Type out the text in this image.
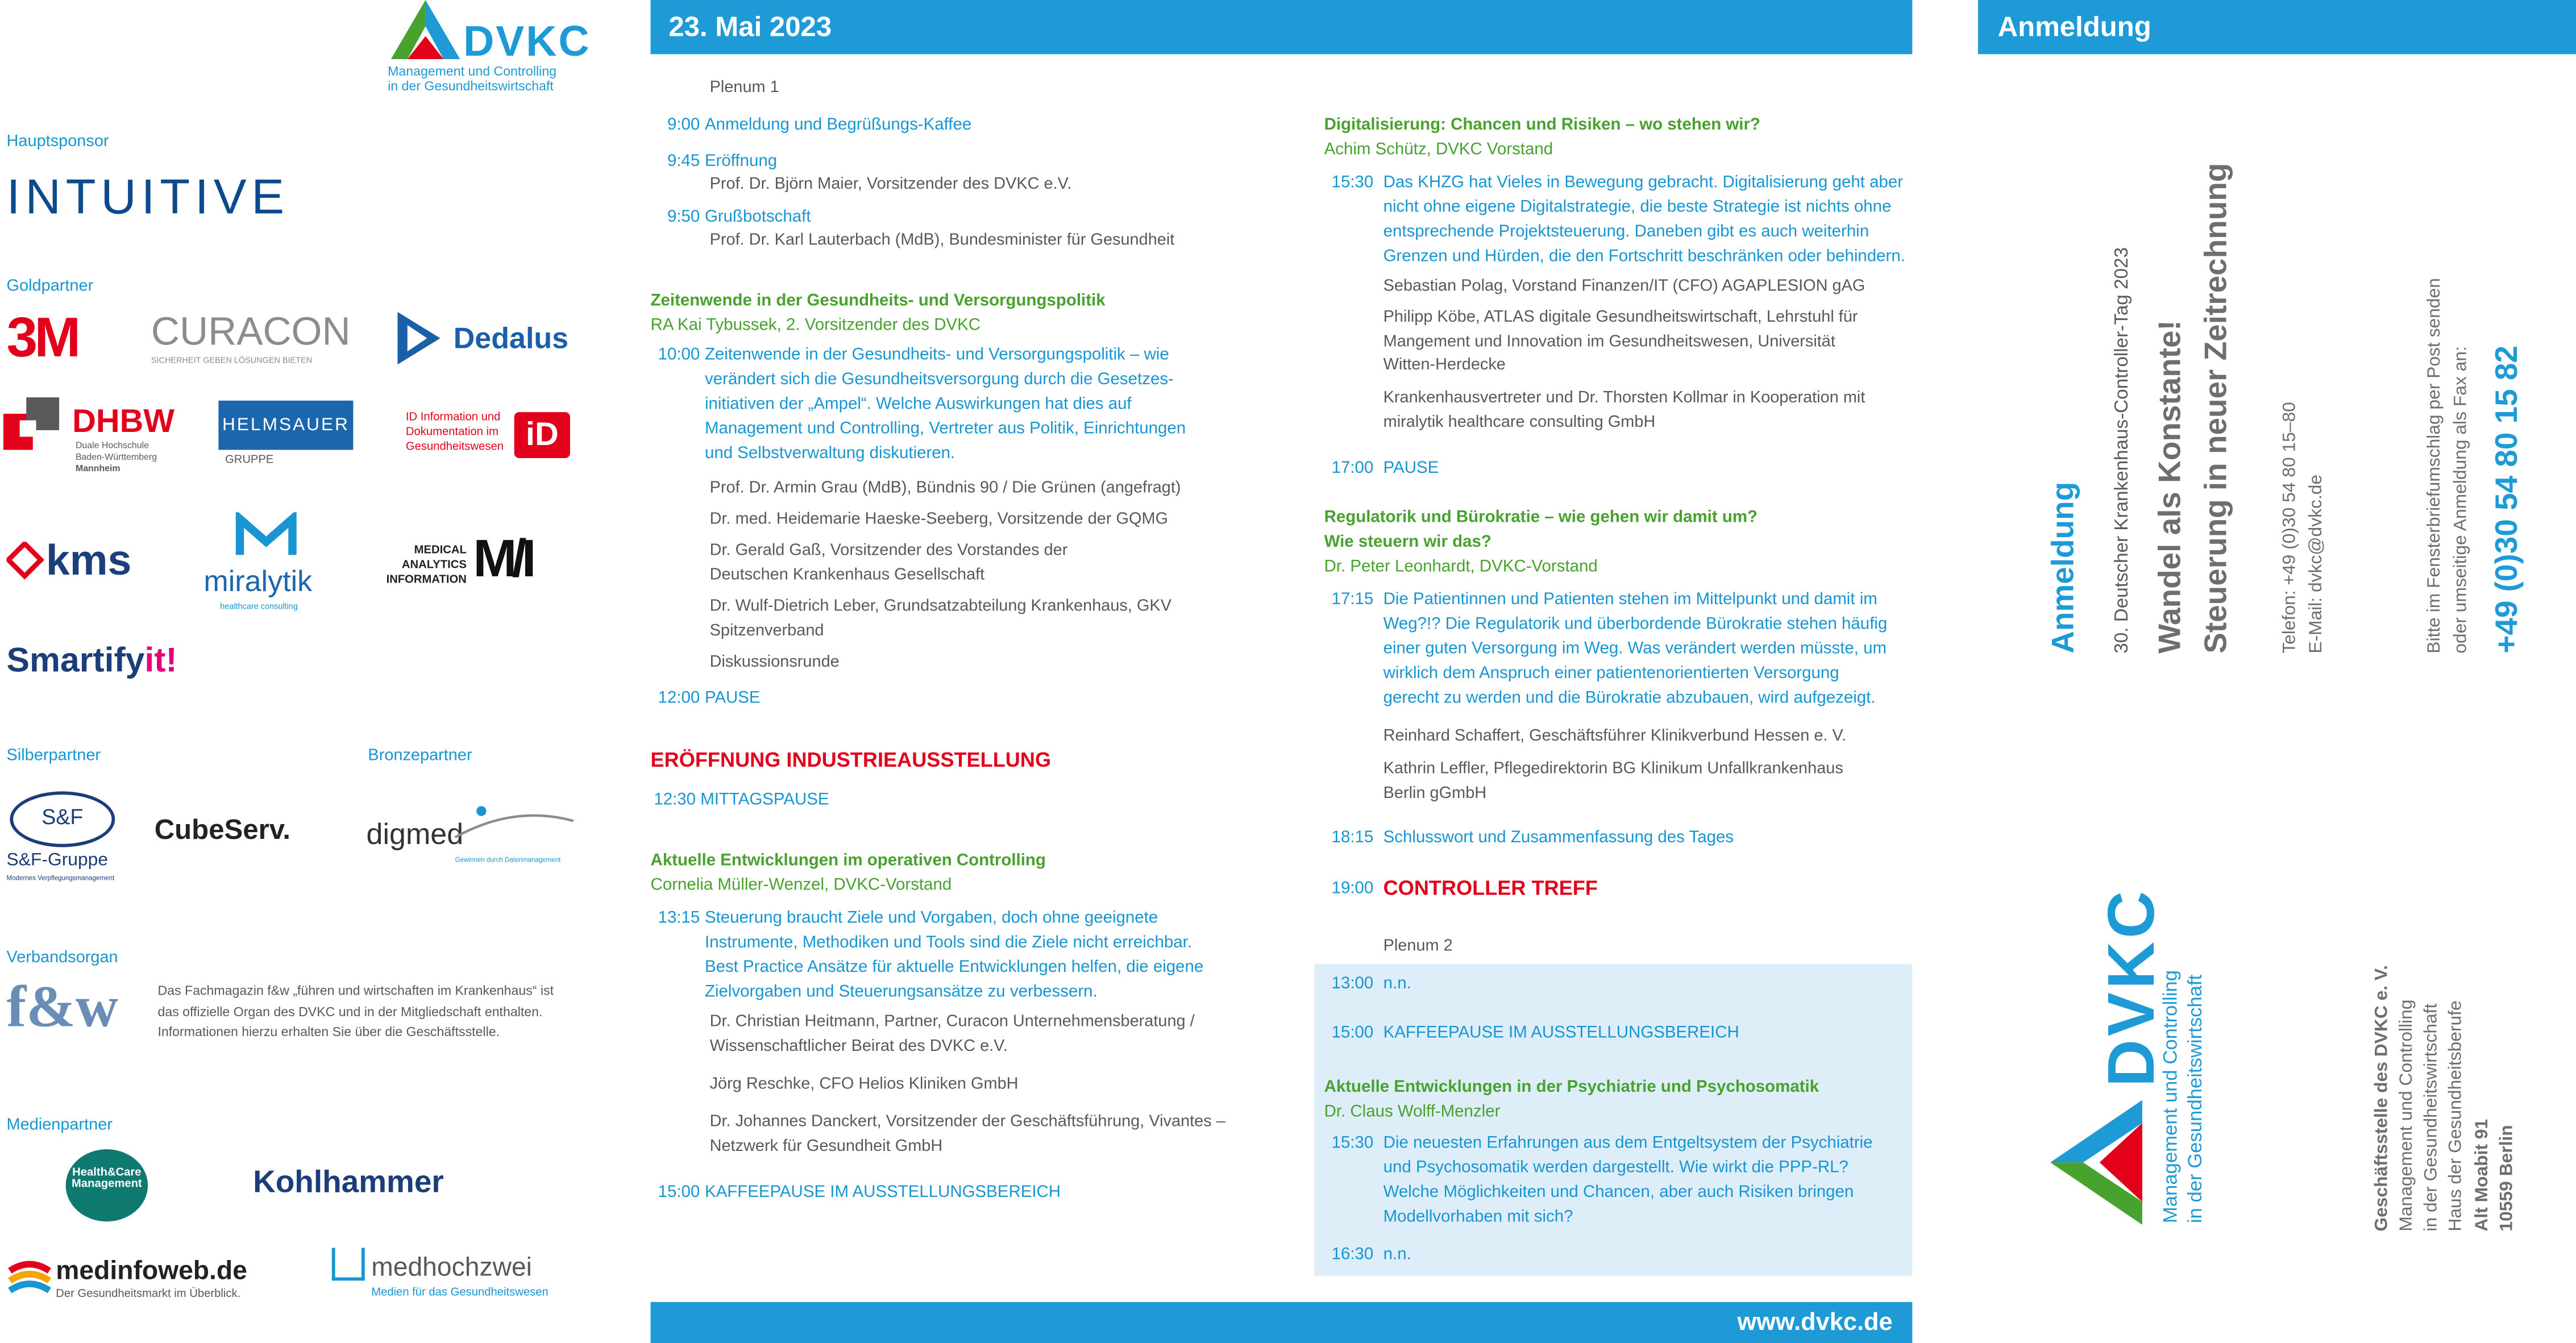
DVKC
Management und Controlling
in der Gesundheitswirtschaft
Hauptsponsor
INTUITIVE
Goldpartner
3M	CURACON
SICHERHEIT GEBEN LÖSUNGEN BIETEN
Dedalus
DHBW
Duale Hochschule
Baden-Württemberg
Mannheim
HELMSAUER
GRUPPE
ID Information und
Dokumentation im
Gesundheitswesen	iD
kms	miralytik
healthcare consulting
MEDICAL
ANALYTICS
INFORMATION M/I
Smartifyit!
Silberpartner	Bronzepartner
S&F
S&F-Gruppe
Modernes Verpflegungsmanagement
CubeServ.	digmed
Gewinnen durch Datenmanagement
Verbandsorgan
f&w	Das Fachmagazin f&w „führen und wirtschaften im Krankenhaus“ ist
das offizielle Organ des DVKC und in der Mitgliedschaft enthalten.
Informationen hierzu erhalten Sie über die Geschäftsstelle.
Medienpartner
Health&Care
Management	Kohlhammer
medinfoweb.de
Der Gesundheitsmarkt im Überblick.
medhochzwei
Medien für das Gesundheitswesen
23. Mai 2023
www.dvkc.de
Plenum 1
9:00 Anmeldung und Begrüßungs-Kaffee
9:45 Eröffnung
Prof. Dr. Björn Maier, Vorsitzender des DVKC e.V.
9:50 Grußbotschaft
Prof. Dr. Karl Lauterbach (MdB), Bundesminister für Gesundheit
Zeitenwende in der Gesundheits- und Versorgungspolitik
RA Kai Tybussek, 2. Vorsitzender des DVKC
10:00 Zeitenwende in der Gesundheits- und Versorgungspolitik – wie
verändert sich die Gesundheitsversorgung durch die Gesetzes-
initiativen der „Ampel“. Welche Auswirkungen hat dies auf
Management und Controlling, Vertreter aus Politik, Einrichtungen
und Selbstverwaltung diskutieren.
Prof. Dr. Armin Grau (MdB), Bündnis 90 / Die Grünen (angefragt)
Dr. med. Heidemarie Haeske-Seeberg, Vorsitzende der GQMG
Dr. Gerald Gaß, Vorsitzender des Vorstandes der
Deutschen Krankenhaus Gesellschaft
Dr. Wulf-Dietrich Leber, Grundsatzabteilung Krankenhaus, GKV
Spitzenverband
Diskussionsrunde
12:00 PAUSE
ERÖFFNUNG INDUSTRIEAUSSTELLUNG
12:30 MITTAGSPAUSE
Aktuelle Entwicklungen im operativen Controlling
Cornelia Müller-Wenzel, DVKC-Vorstand
13:15 Steuerung braucht Ziele und Vorgaben, doch ohne geeignete
Instrumente, Methodiken und Tools sind die Ziele nicht erreichbar.
Best Practice Ansätze für aktuelle Entwicklungen helfen, die eigene
Zielvorgaben und Steuerungsansätze zu verbessern.
Dr. Christian Heitmann, Partner, Curacon Unternehmensberatung /
Wissenschaftlicher Beirat des DVKC e.V.
Jörg Reschke, CFO Helios Kliniken GmbH
Dr. Johannes Danckert, Vorsitzender der Geschäftsführung, Vivantes –
Netzwerk für Gesundheit GmbH
15:00 KAFFEEPAUSE IM AUSSTELLUNGSBEREICH
Digitalisierung: Chancen und Risiken – wo stehen wir?
Achim Schütz, DVKC Vorstand
15:30 Das KHZG hat Vieles in Bewegung gebracht. Digitalisierung geht aber
nicht ohne eigene Digitalstrategie, die beste Strategie ist nichts ohne
entsprechende Projektsteuerung. Daneben gibt es auch weiterhin
Grenzen und Hürden, die den Fortschritt beschränken oder behindern.
Sebastian Polag, Vorstand Finanzen/IT (CFO) AGAPLESION gAG
Philipp Köbe, ATLAS digitale Gesundheitswirtschaft, Lehrstuhl für
Mangement und Innovation im Gesundheitswesen, Universität
Witten-Herdecke
Krankenhausvertreter und Dr. Thorsten Kollmar in Kooperation mit
miralytik healthcare consulting GmbH
17:00 PAUSE
Regulatorik und Bürokratie – wie gehen wir damit um?
Wie steuern wir das?
Dr. Peter Leonhardt, DVKC-Vorstand
17:15 Die Patientinnen und Patienten stehen im Mittelpunkt und damit im
Weg?!? Die Regulatorik und überbordende Bürokratie stehen häufig
einer guten Versorgung im Weg. Was verändert werden müsste, um
wirklich dem Anspruch einer patientenorientierten Versorgung
gerecht zu werden und die Bürokratie abzubauen, wird aufgezeigt.
Reinhard Schaffert, Geschäftsführer Klinikverbund Hessen e. V.
Kathrin Leffler, Pflegedirektorin BG Klinikum Unfallkrankenhaus
Berlin gGmbH
18:15 Schlusswort und Zusammenfassung des Tages
19:00 CONTROLLER TREFF
Plenum 2
13:00 n.n.
15:00 KAFFEEPAUSE IM AUSSTELLUNGSBEREICH
Aktuelle Entwicklungen in der Psychiatrie und Psychosomatik
Dr. Claus Wolff-Menzler
15:30 Die neuesten Erfahrungen aus dem Entgeltsystem der Psychiatrie
und Psychosomatik werden dargestellt. Wie wirkt die PPP-RL?
Welche Möglichkeiten und Chancen, aber auch Risiken bringen
Modellvorhaben mit sich?
16:30 n.n.
Anmeldung
Anmeldung	30. Deutscher Krankenhaus-Controller-Tag 2023 Wandel als Konstante! Steuerung in neuer Zeitrechnung	Telefon: +49 (0)30 54 80 15–80 E-Mail: dvkc@dvkc.de	Bitte im Fensterbriefumschlag per Post senden oder umseitige Anmeldung als Fax an: +49 (0)30 54 80 15 82
DVKC
Management und Controlling in der Gesundheitswirtschaft	Geschäftsstelle des DVKC e. V. Management und Controlling in der Gesundheitswirtschaft Haus der Gesundheitsberufe Alt Moabit 91 10559 Berlin
